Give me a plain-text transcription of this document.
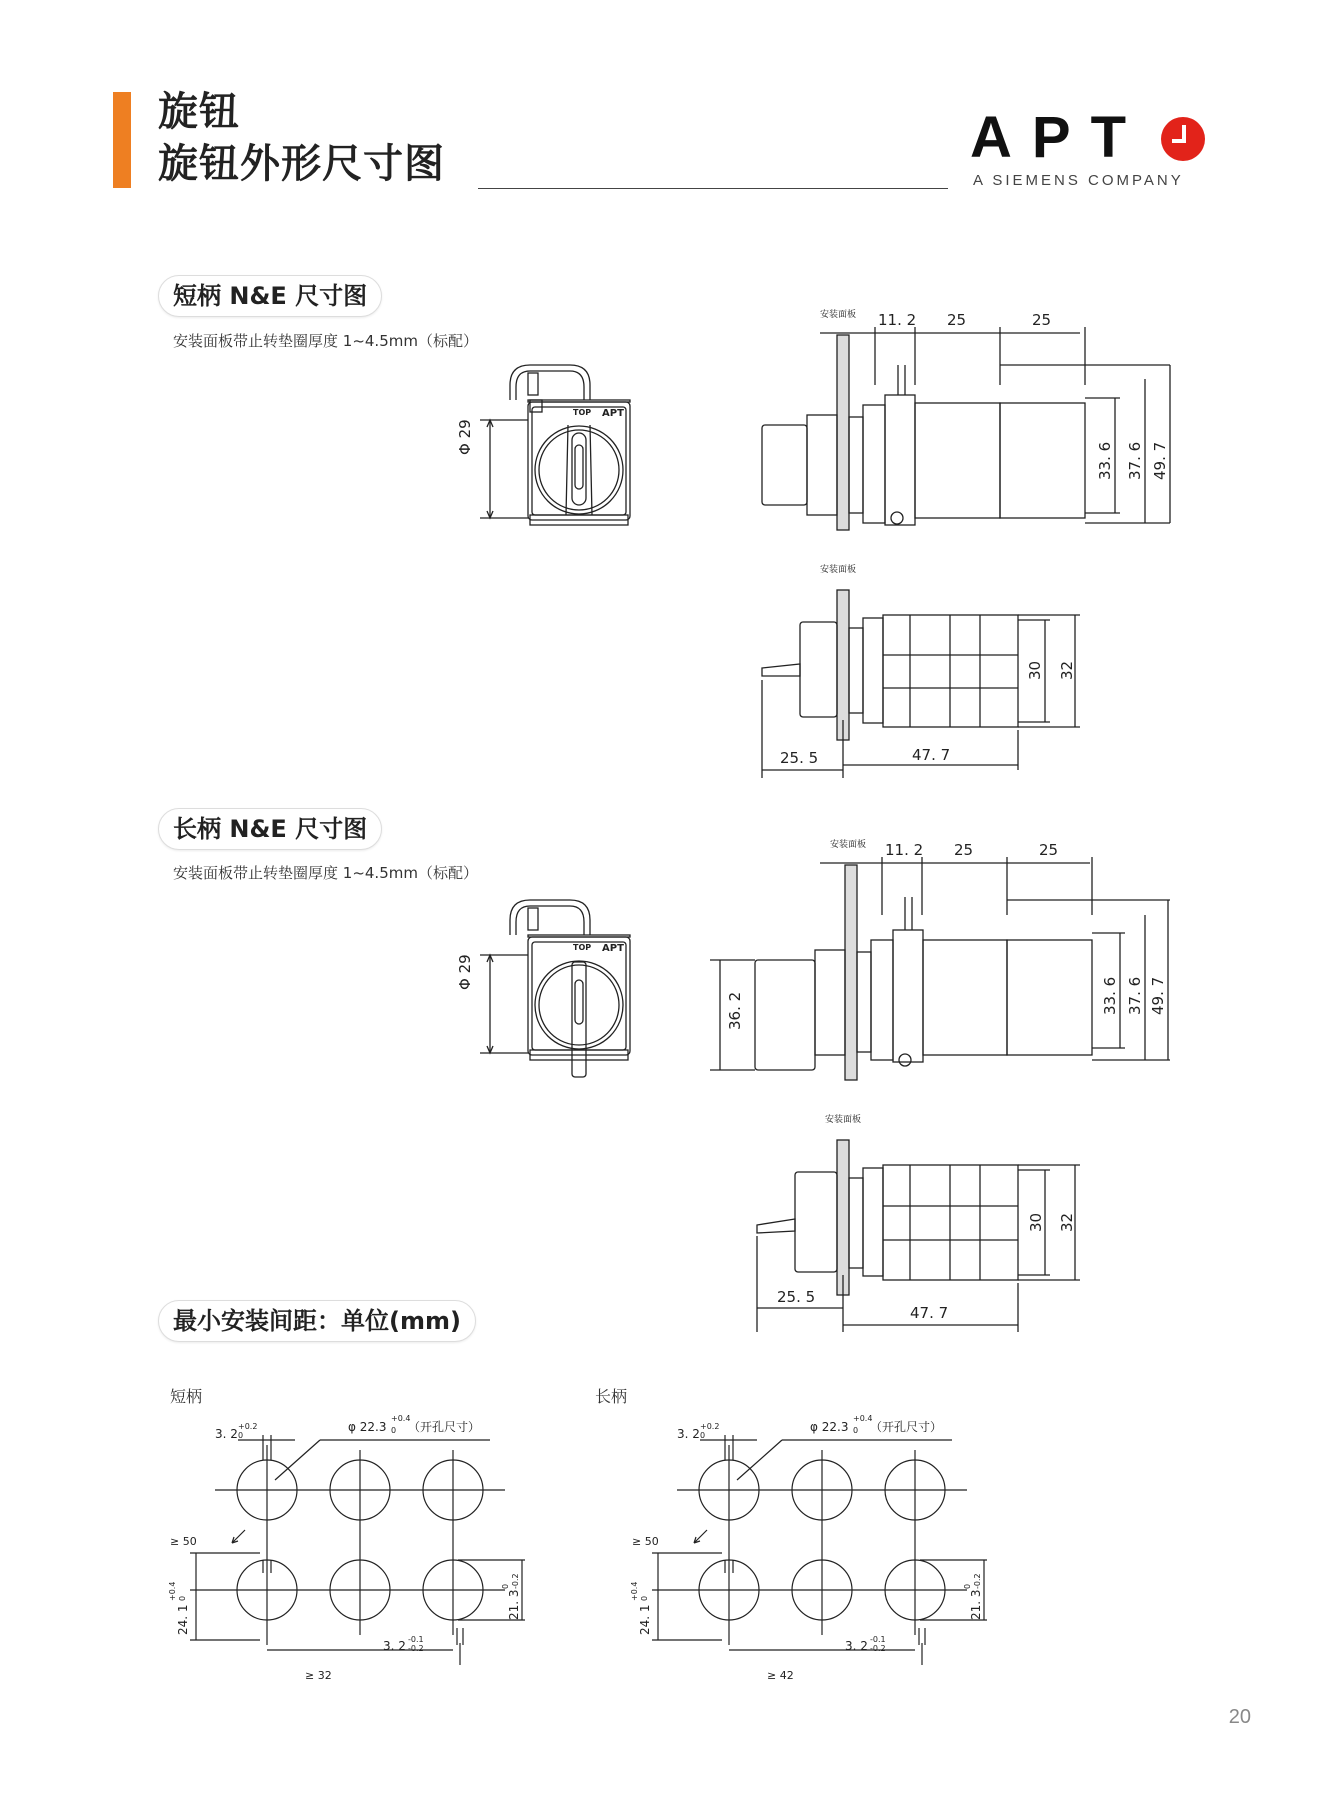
旋钮
旋钮外形尺寸图	APT
A SIEMENS COMPANY
短柄 N&E 尺寸图
安装面板带止转垫圈厚度 1~4.5mm（标配）
Φ 29
TOP APT
安装面板 11. 2 25	25
33. 6 37. 6 49. 7
安装面板
30 32
25. 5	47. 7
长柄 N&E 尺寸图
安装面板带止转垫圈厚度 1~4.5mm（标配）
Φ 29
TOP APT
安装面板 11. 2 25	25
36. 2	33. 6 37. 6 49. 7
安装面板
30 32
25. 5
47. 7
最小安装间距：单位(mm)
短柄	长柄
φ 22.3
+0.4
0 （开孔尺寸）
3. 2
+0.2
0
≥ 50
24. 1
+0.4 0	21. 3
0 -0.2
3. 2 -0.1
-0.2
≥ 32
φ 22.3
+0.4
0 （开孔尺寸）
3. 2
+0.2
0
≥ 50
24. 1
+0.4 0	21. 3
0 -0.2
3. 2 -0.1
-0.2
≥ 42
20
